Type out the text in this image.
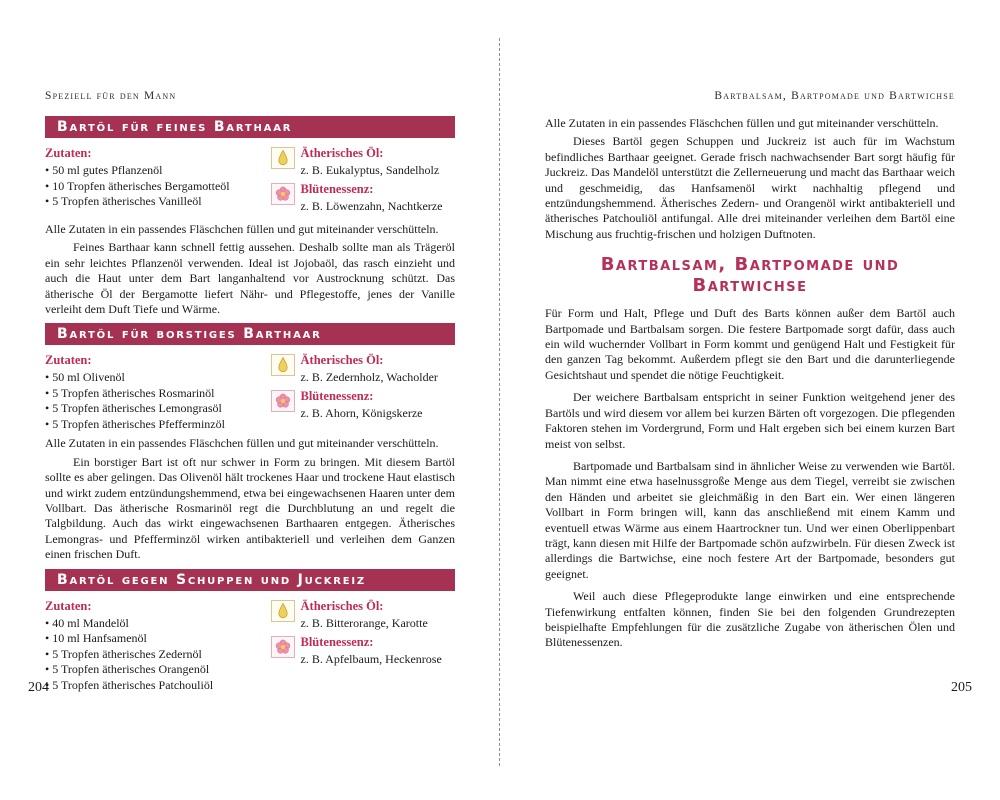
Speziell für den Mann
Bartöl für feines Barthaar
Zutaten:
• 50 ml gutes Pflanzenöl
• 10 Tropfen ätherisches Bergamotteöl
• 5 Tropfen ätherisches Vanilleöl
Ätherisches Öl:
z. B. Eukalyptus, Sandelholz
Blütenessenz:
z. B. Löwenzahn, Nachtkerze

Alle Zutaten in ein passendes Fläschchen füllen und gut miteinander verschütteln.

Feines Barthaar kann schnell fettig aussehen. Deshalb sollte man als Trägeröl ein sehr leichtes Pflanzenöl verwenden. Ideal ist Jojobaöl, das rasch einzieht und auch die Haut unter dem Bart langanhaltend vor Austrocknung schützt. Das ätherische Öl der Bergamotte liefert Nähr- und Pflegestoffe, jenes der Vanille verleiht dem Duft Tiefe und Wärme.

Bartöl für borstiges Barthaar
Zutaten:
• 50 ml Olivenöl
• 5 Tropfen ätherisches Rosmarinöl
• 5 Tropfen ätherisches Lemongrasöl
• 5 Tropfen ätherisches Pfefferminzöl
Ätherisches Öl:
z. B. Zedernholz, Wacholder
Blütenessenz:
z. B. Ahorn, Königskerze

Alle Zutaten in ein passendes Fläschchen füllen und gut miteinander verschütteln.

Ein borstiger Bart ist oft nur schwer in Form zu bringen. Mit diesem Bartöl sollte es aber gelingen. Das Olivenöl hält trockenes Haar und trockene Haut elastisch und wirkt zudem entzündungshemmend, etwa bei eingewachsenen Haaren unter dem Vollbart. Das ätherische Rosmarinöl regt die Durchblutung an und regelt die Talgbildung. Auch das wirkt eingewachsenen Barthaaren entgegen. Ätherisches Lemongras- und Pfefferminzöl wirken antibakteriell und verleihen dem Ganzen einen frischen Duft.

Bartöl gegen Schuppen und Juckreiz
Zutaten:
• 40 ml Mandelöl
• 10 ml Hanfsamenöl
• 5 Tropfen ätherisches Zedernöl
• 5 Tropfen ätherisches Orangenöl
• 5 Tropfen ätherisches Patchouliöl
Ätherisches Öl:
z. B. Bitterorange, Karotte
Blütenessenz:
z. B. Apfelbaum, Heckenrose
204
Bartbalsam, Bartpomade und Bartwichse

Alle Zutaten in ein passendes Fläschchen füllen und gut miteinander verschütteln.

Dieses Bartöl gegen Schuppen und Juckreiz ist auch für im Wachstum befindliches Barthaar geeignet. Gerade frisch nachwachsender Bart sorgt häufig für Juckreiz. Das Mandelöl unterstützt die Zellerneuerung und macht das Barthaar weich und geschmeidig, das Hanfsamenöl wirkt nachhaltig pflegend und entzündungshemmend. Ätherisches Zedern- und Orangenöl wirkt antibakteriell und ätherisches Patchouliöl antifungal. Alle drei miteinander verleihen dem Bartöl eine Mischung aus fruchtig-frischen und holzigen Duftnoten.

Bartbalsam, Bartpomade und Bartwichse

Für Form und Halt, Pflege und Duft des Barts können außer dem Bartöl auch Bartpomade und Bartbalsam sorgen. Die festere Bartpomade sorgt dafür, dass auch ein wild wuchernder Vollbart in Form kommt und genügend Halt und Festigkeit für den ganzen Tag bekommt. Außerdem pflegt sie den Bart und die darunterliegende Gesichtshaut und spendet die nötige Feuchtigkeit.

Der weichere Bartbalsam entspricht in seiner Funktion weitgehend jener des Bartöls und wird diesem vor allem bei kurzen Bärten oft vorgezogen. Die pflegenden Faktoren stehen im Vordergrund, Form und Halt ergeben sich bei einem kurzen Bart meist von selbst.

Bartpomade und Bartbalsam sind in ähnlicher Weise zu verwenden wie Bartöl. Man nimmt eine etwa haselnussgroße Menge aus dem Tiegel, verreibt sie zwischen den Händen und arbeitet sie gleichmäßig in den Bart ein. Wer einen längeren Vollbart in Form bringen will, kann das anschließend mit einem Kamm und eventuell etwas Wärme aus einem Haartrockner tun. Und wer einen Oberlippenbart trägt, kann diesen mit Hilfe der Bartpomade schön aufzwirbeln. Für diesen Zweck ist allerdings die Bartwichse, eine noch festere Art der Bartpomade, besonders gut geeignet.

Weil auch diese Pflegeprodukte lange einwirken und eine entsprechende Tiefenwirkung entfalten können, finden Sie bei den folgenden Grundrezepten beispielhafte Empfehlungen für die zusätzliche Zugabe von ätherischen Ölen und Blütenessenzen.

205
